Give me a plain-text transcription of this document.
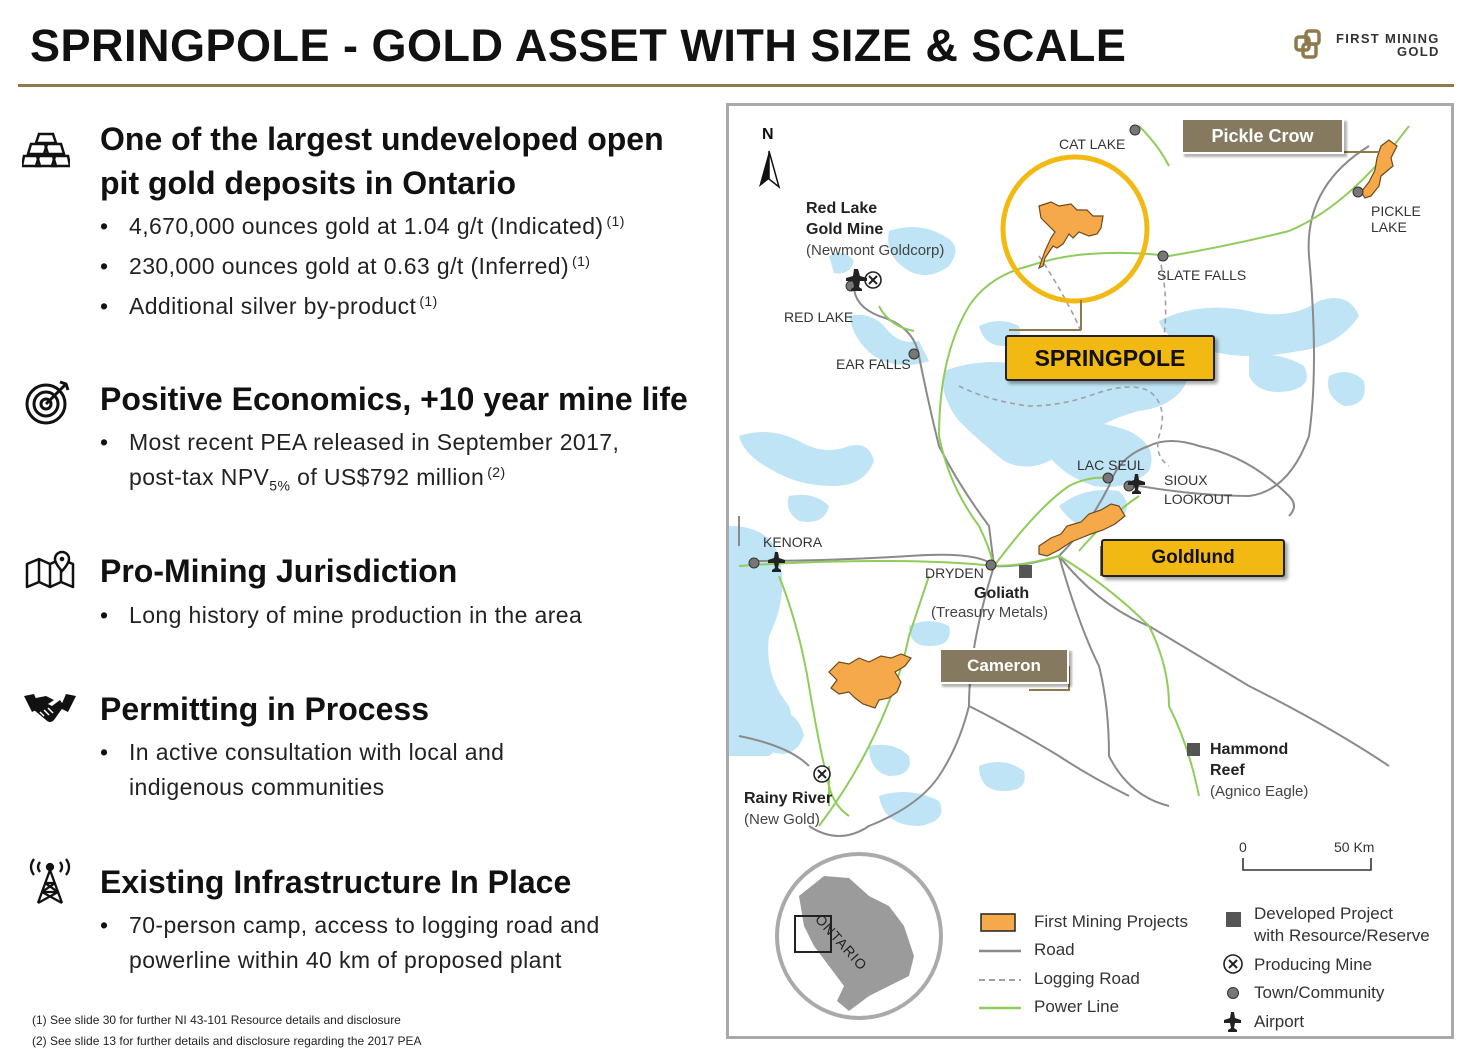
SPRINGPOLE - GOLD ASSET WITH SIZE & SCALE	FIRST MINING
GOLD
One of the largest undeveloped open
pit gold deposits in Ontario
• 4,670,000 ounces gold at 1.04 g/t (Indicated) $^{(1)}$
• 230,000 ounces gold at 0.63 g/t (Inferred) $^{(1)}$
• Additional silver by-product $^{(1)}$
Positive Economics, +10 year mine life
• Most recent PEA released in September 2017,
post-tax $NPV_{5\%}$ of US$792 million $^{(2)}$
Pro-Mining Jurisdiction
• Long history of mine production in the area
Permitting in Process
• In active consultation with local and
indigenous communities
Existing Infrastructure In Place
• 70-person camp, access to logging road and
powerline within 40 km of proposed plant
(1) See slide 30 for further NI 43-101 Resource details and disclosure
(2) See slide 13 for further details and disclosure regarding the 2017 PEA
N
CAT LAKE
PICKLE
LAKE
SLATE FALLS
RED LAKE
EAR FALLS
LAC SEUL
SIOUX
LOOKOUT
KENORA
DRYDEN
Red Lake
Gold Mine
(Newmont Goldcorp)
Goliath
(Treasury Metals)
Hammond
Reef
(Agnico Eagle)
Rainy River
(New Gold)
SPRINGPOLE
Goldlund
Pickle Crow
Cameron
0	50 Km
ONTARIO	First Mining Projects
Road
Logging Road
Power Line
Developed Project
with Resource/Reserve
Producing Mine
Town/Community
Airport
